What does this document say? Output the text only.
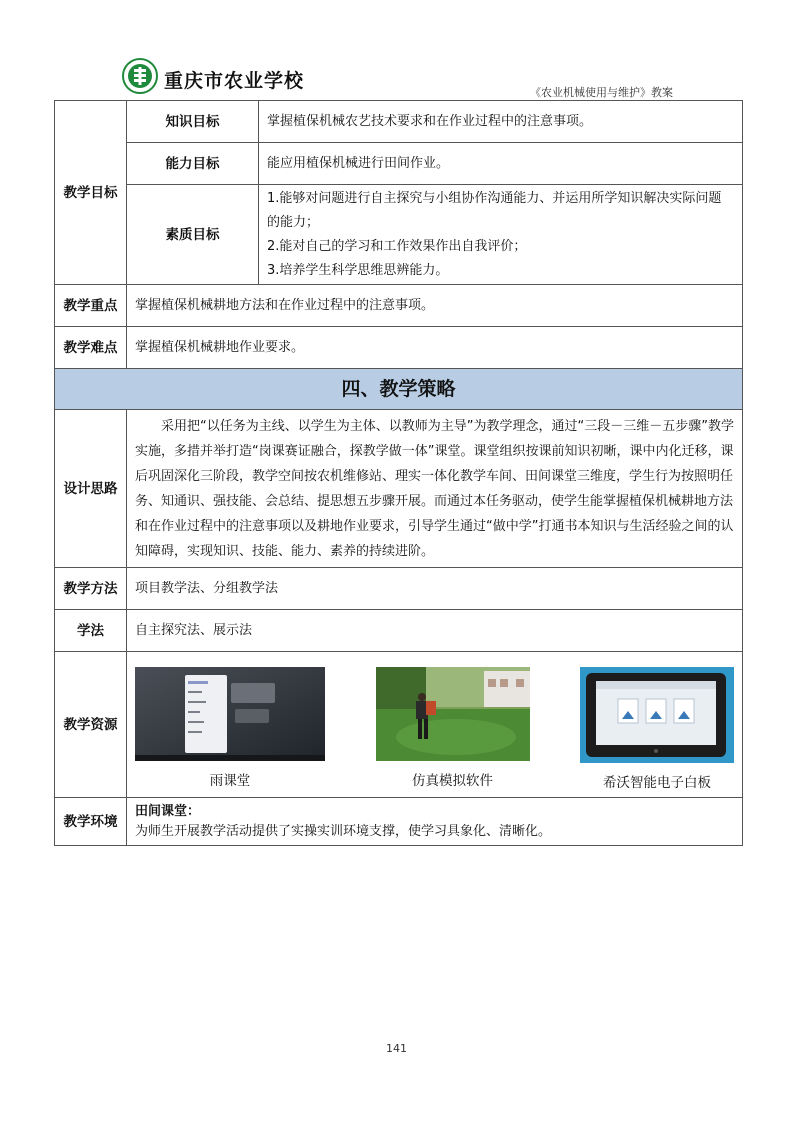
重庆市农业学校
《农业机械使用与维护》教案
教学目标	知识目标	掌握植保机械农艺技术要求和在作业过程中的注意事项。
	能力目标	能应用植保机械进行田间作业。
	素质目标	1.能够对问题进行自主探究与小组协作沟通能力、并运用所学知识解决实际问题的能力；
2.能对自己的学习和工作效果作出自我评价；
3.培养学生科学思维思辨能力。

教学重点	掌握植保机械耕地方法和在作业过程中的注意事项。	
教学难点	掌握植保机械耕地作业要求。	
四、教学策略		
设计思路	采用把“以任务为主线、以学生为主体、以教师为主导”为教学理念，通过“三段－三维－五步骤”教学实施，多措并举打造“岗课赛证融合，探教学做一体”课堂。课堂组织按课前知识初晰，课中内化迁移，课后巩固深化三阶段，教学空间按农机维修站、理实一体化教学车间、田间课堂三维度，学生行为按照明任务、知通识、强技能、会总结、提思想五步骤开展。而通过本任务驱动，使学生能掌握植保机械耕地方法和在作业过程中的注意事项以及耕地作业要求，引导学生通过“做中学”打通书本知识与生活经验之间的认知障碍，实现知识、技能、能力、素养的持续进阶。	

教学方法	项目教学法、分组教学法	
学法	自主探究法、展示法	
教学资源	雨课堂 仿真模拟软件 希沃智能电子白板	

教学环境	田间课堂：
为师生开展教学活动提供了实操实训环境支撑，使学习具象化、清晰化。	
141
